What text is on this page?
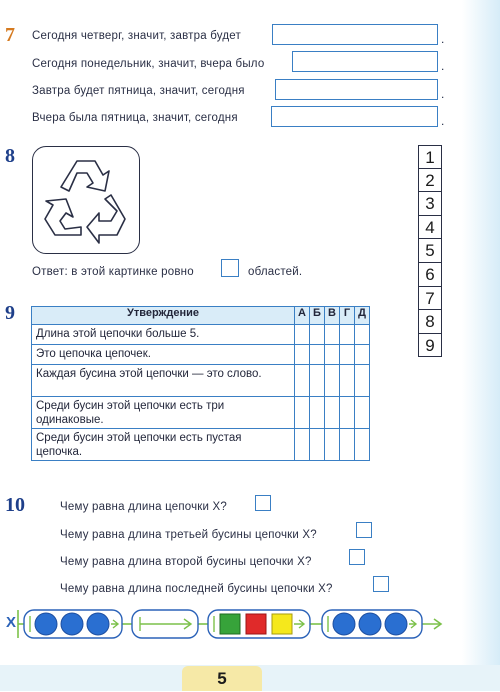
7 Сегодня четверг, значит, завтра будет	.
Сегодня понедельник, значит, вчера было	.
Завтра будет пятница, значит, сегодня	.
Вчера была пятница, значит, сегодня	.
8
Ответ: в этой картинке ровно	областей.
1
2
3
4
5
6
7
8
9
9	Утверждение	А	Б	В	Г	Д
Длина этой цепочки больше 5.					
Это цепочка цепочек.					
Каждая бусина этой цепочки — это слово.					
Среди бусин этой цепочки есть три одинаковые.					
Среди бусин этой цепочки есть пустая цепочка.					
10	Чему равна длина цепочки X?
Чему равна длина третьей бусины цепочки X?
Чему равна длина второй бусины цепочки X?
Чему равна длина последней бусины цепочки X?
X
5
